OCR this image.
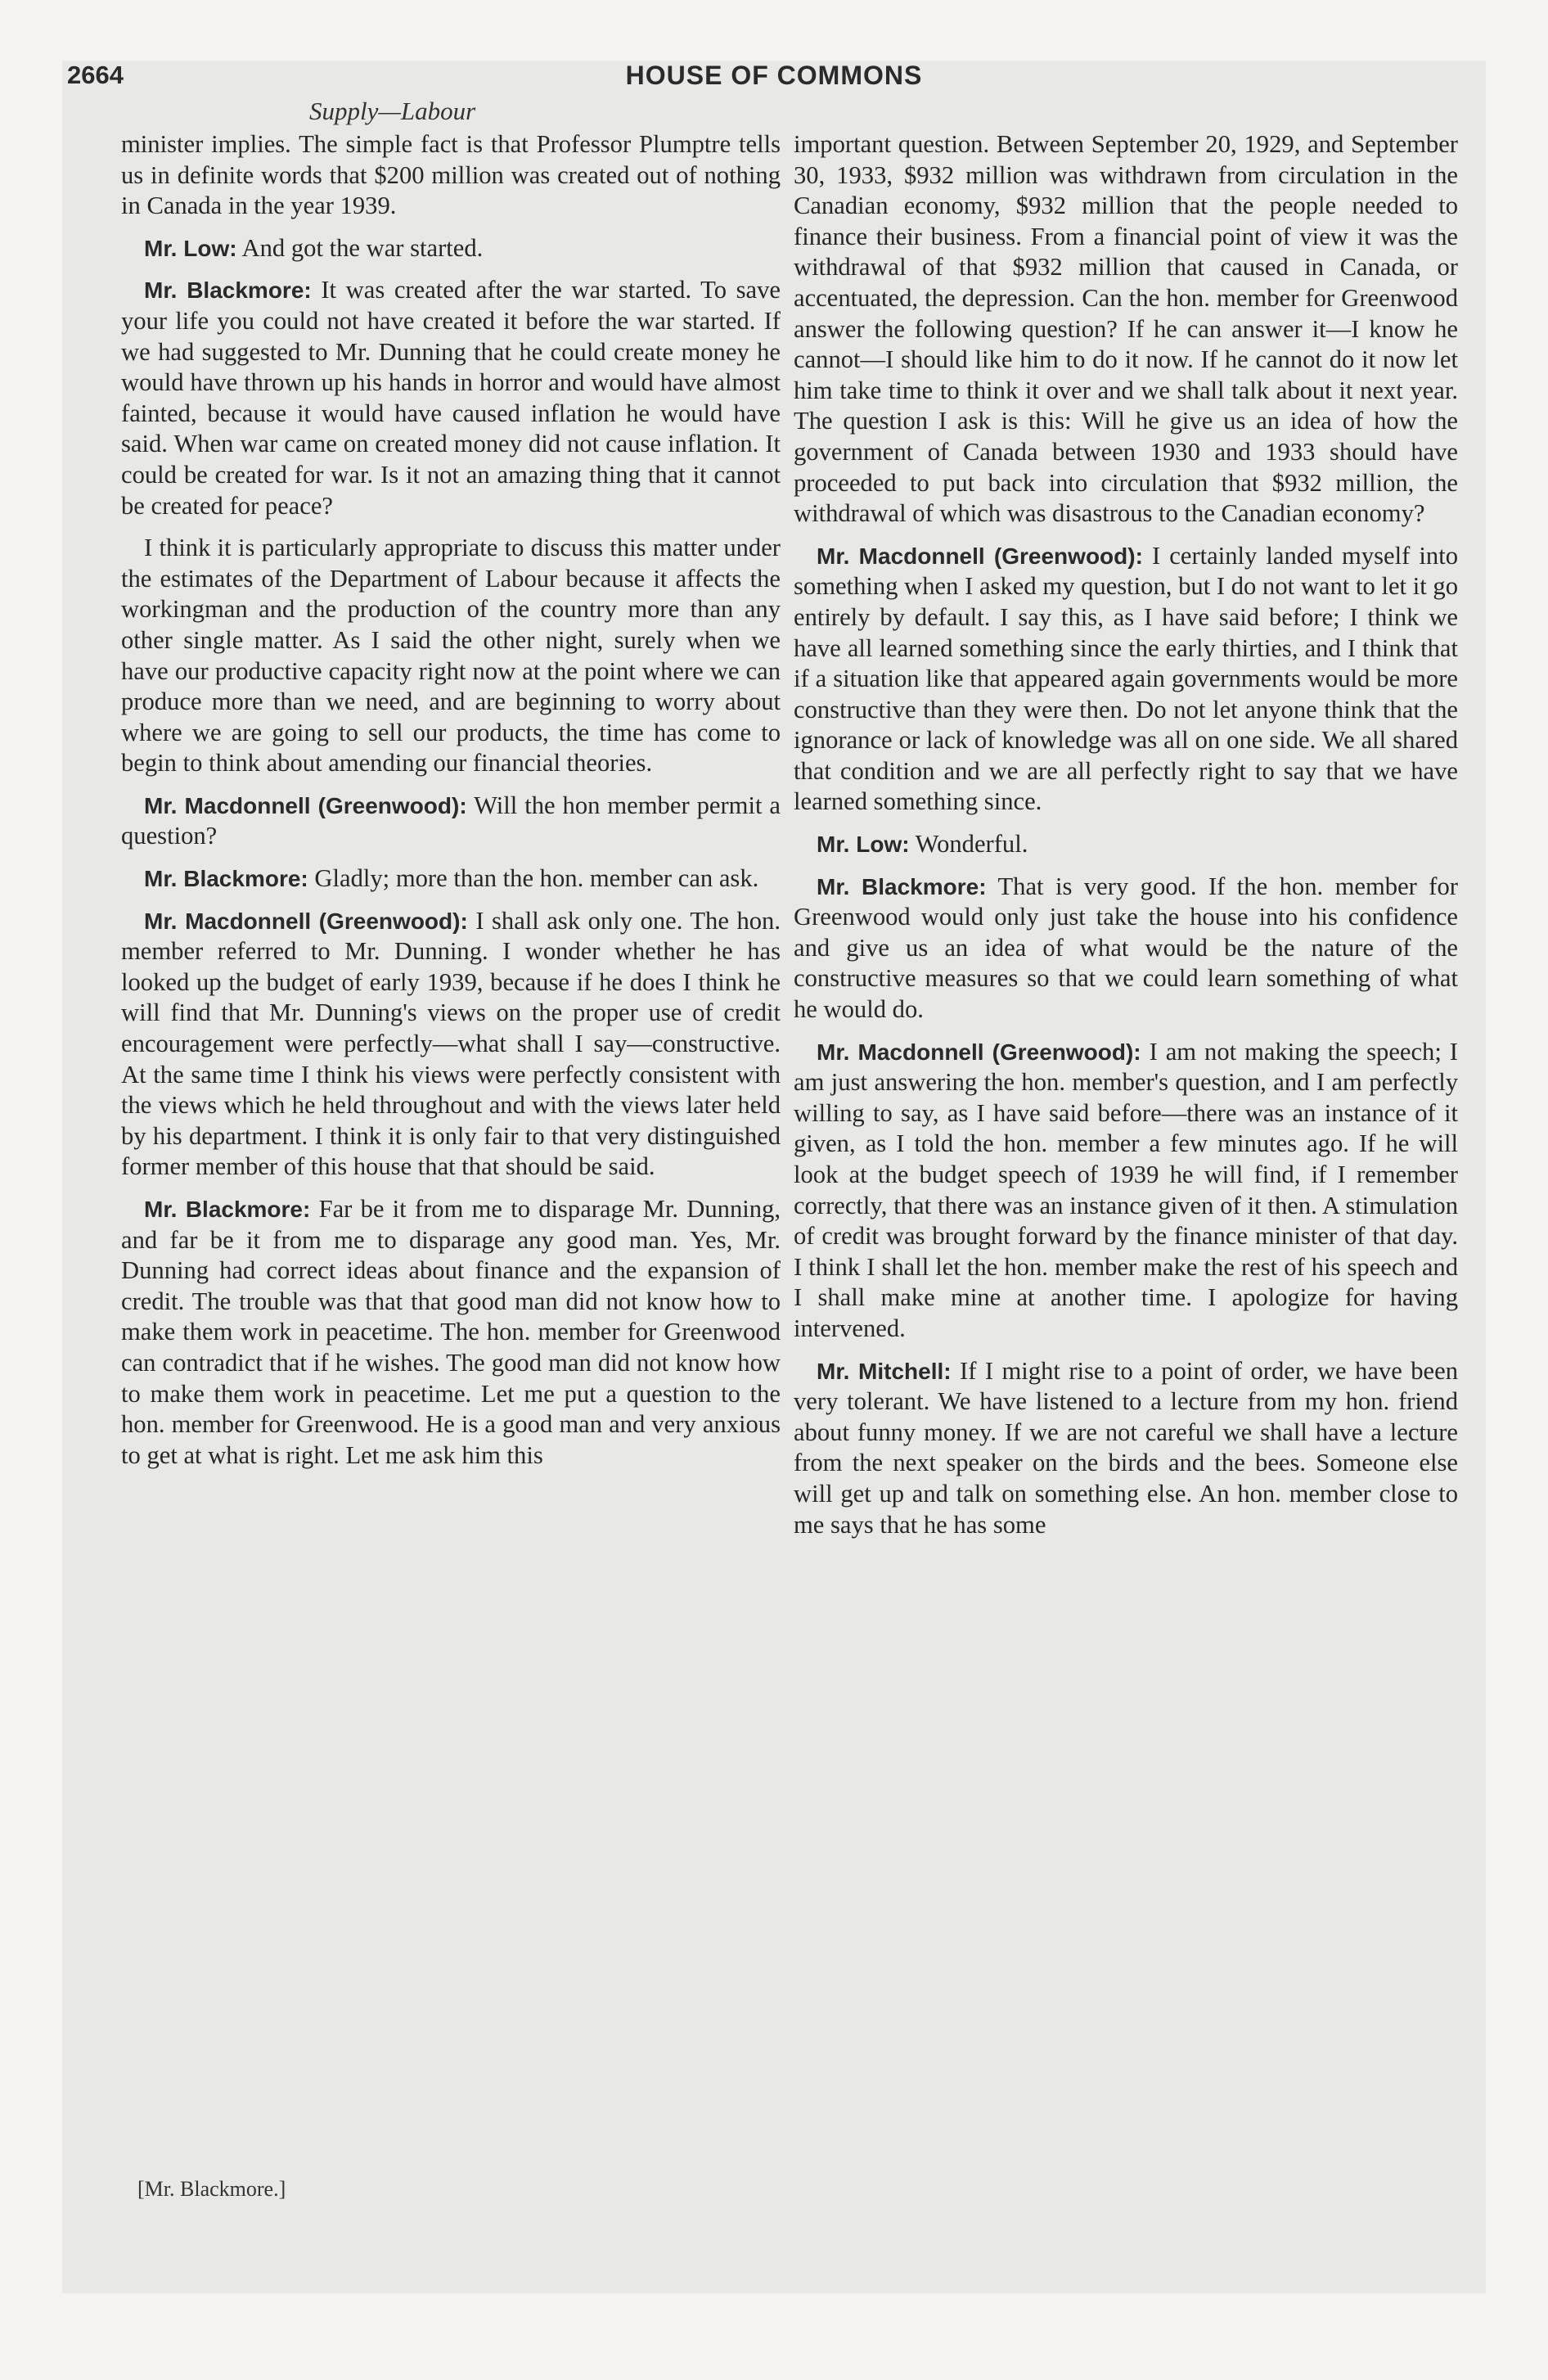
2664	HOUSE OF COMMONS
Supply—Labour

minister implies. The simple fact is that Professor Plumptre tells us in definite words that $200 million was created out of nothing in Canada in the year 1939.

Mr. Low: And got the war started.

Mr. Blackmore: It was created after the war started. To save your life you could not have created it before the war started. If we had suggested to Mr. Dunning that he could create money he would have thrown up his hands in horror and would have almost fainted, because it would have caused inflation he would have said. When war came on created money did not cause inflation. It could be created for war. Is it not an amazing thing that it cannot be created for peace?

I think it is particularly appropriate to discuss this matter under the estimates of the Department of Labour because it affects the workingman and the production of the country more than any other single matter. As I said the other night, surely when we have our productive capacity right now at the point where we can produce more than we need, and are beginning to worry about where we are going to sell our products, the time has come to begin to think about amending our financial theories.

Mr. Macdonnell (Greenwood): Will the hon member permit a question?

Mr. Blackmore: Gladly; more than the hon. member can ask.

Mr. Macdonnell (Greenwood): I shall ask only one. The hon. member referred to Mr. Dunning. I wonder whether he has looked up the budget of early 1939, because if he does I think he will find that Mr. Dunning's views on the proper use of credit encouragement were perfectly—what shall I say—constructive. At the same time I think his views were perfectly consistent with the views which he held throughout and with the views later held by his department. I think it is only fair to that very distinguished former member of this house that that should be said.

Mr. Blackmore: Far be it from me to disparage Mr. Dunning, and far be it from me to disparage any good man. Yes, Mr. Dunning had correct ideas about finance and the expansion of credit. The trouble was that that good man did not know how to make them work in peacetime. The hon. member for Greenwood can contradict that if he wishes. The good man did not know how to make them work in peacetime. Let me put a question to the hon. member for Greenwood. He is a good man and very anxious to get at what is right. Let me ask him this

important question. Between September 20, 1929, and September 30, 1933, $932 million was withdrawn from circulation in the Canadian economy, $932 million that the people needed to finance their business. From a financial point of view it was the withdrawal of that $932 million that caused in Canada, or accentuated, the depression. Can the hon. member for Greenwood answer the following question? If he can answer it—I know he cannot—I should like him to do it now. If he cannot do it now let him take time to think it over and we shall talk about it next year. The question I ask is this: Will he give us an idea of how the government of Canada between 1930 and 1933 should have proceeded to put back into circulation that $932 million, the withdrawal of which was disastrous to the Canadian economy?

Mr. Macdonnell (Greenwood): I certainly landed myself into something when I asked my question, but I do not want to let it go entirely by default. I say this, as I have said before; I think we have all learned something since the early thirties, and I think that if a situation like that appeared again governments would be more constructive than they were then. Do not let anyone think that the ignorance or lack of knowledge was all on one side. We all shared that condition and we are all perfectly right to say that we have learned something since.

Mr. Low: Wonderful.

Mr. Blackmore: That is very good. If the hon. member for Greenwood would only just take the house into his confidence and give us an idea of what would be the nature of the constructive measures so that we could learn something of what he would do.

Mr. Macdonnell (Greenwood): I am not making the speech; I am just answering the hon. member's question, and I am perfectly willing to say, as I have said before—there was an instance of it given, as I told the hon. member a few minutes ago. If he will look at the budget speech of 1939 he will find, if I remember correctly, that there was an instance given of it then. A stimulation of credit was brought forward by the finance minister of that day. I think I shall let the hon. member make the rest of his speech and I shall make mine at another time. I apologize for having intervened.

Mr. Mitchell: If I might rise to a point of order, we have been very tolerant. We have listened to a lecture from my hon. friend about funny money. If we are not careful we shall have a lecture from the next speaker on the birds and the bees. Someone else will get up and talk on something else. An hon. member close to me says that he has some

[Mr. Blackmore.]
